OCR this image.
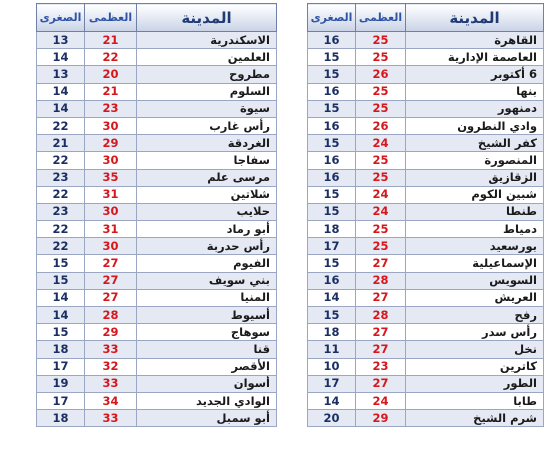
المدينة	العظمى	الصغرى
الاسكندرية	21	13
العلمين	22	14
مطروح	20	13
السلوم	21	14
سيوة	23	14
رأس غارب	30	22
الغردقة	29	21
سفاجا	30	22
مرسى علم	35	23
شلاتين	31	22
حلايب	30	23
أبو رماد	31	22
رأس حدربة	30	22
الفيوم	27	15
بني سويف	27	15
المنيا	27	14
أسيوط	28	14
سوهاج	29	15
قنا	33	18
الأقصر	32	17
أسوان	33	19
الوادي الجديد	34	17
أبو سمبل	33	18
المدينة	العظمى	الصغرى
القاهرة	25	16
العاصمة الإدارية	25	15
6 أكتوبر	26	15
بنها	25	16
دمنهور	25	15
وادي النطرون	26	16
كفر الشيخ	24	15
المنصورة	25	16
الزقازيق	25	16
شبين الكوم	24	15
طنطا	24	15
دمياط	25	18
بورسعيد	25	17
الإسماعيلية	27	15
السويس	28	16
العريش	27	14
رفح	28	15
رأس سدر	27	18
نخل	27	11
كاترين	23	10
الطور	27	17
طابا	24	14
شرم الشيخ	29	20
